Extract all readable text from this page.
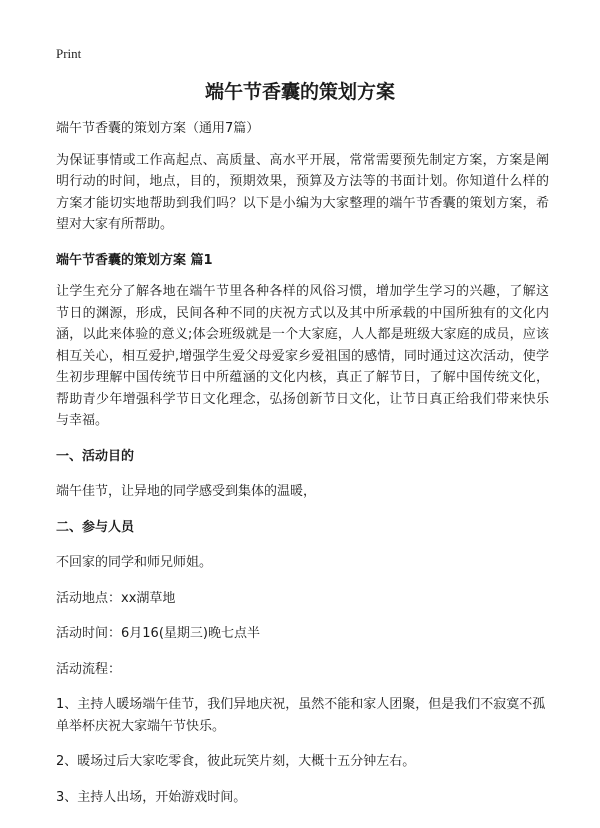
Print
端午节香囊的策划方案

端午节香囊的策划方案（通用7篇）

为保证事情或工作高起点、高质量、高水平开展，常常需要预先制定方案，方案是阐明行动的时间，地点，目的，预期效果，预算及方法等的书面计划。你知道什么样的方案才能切实地帮助到我们吗？以下是小编为大家整理的端午节香囊的策划方案，希望对大家有所帮助。

端午节香囊的策划方案 篇1

让学生充分了解各地在端午节里各种各样的风俗习惯，增加学生学习的兴趣，了解这节日的渊源，形成，民间各种不同的庆祝方式以及其中所承载的中国所独有的文化内涵，以此来体验的意义;体会班级就是一个大家庭，人人都是班级大家庭的成员，应该相互关心，相互爱护,增强学生爱父母爱家乡爱祖国的感情，同时通过这次活动，使学生初步理解中国传统节日中所蕴涵的文化内核，真正了解节日，了解中国传统文化，帮助青少年增强科学节日文化理念，弘扬创新节日文化，让节日真正给我们带来快乐与幸福。

一、活动目的

端午佳节，让异地的同学感受到集体的温暖，

二、参与人员

不回家的同学和师兄师姐。

活动地点：xx湖草地

活动时间：6月16(星期三)晚七点半

活动流程：

1、主持人暖场端午佳节，我们异地庆祝，虽然不能和家人团聚，但是我们不寂寞不孤单举杯庆祝大家端午节快乐。

2、暖场过后大家吃零食，彼此玩笑片刻，大概十五分钟左右。

3、主持人出场，开始游戏时间。
